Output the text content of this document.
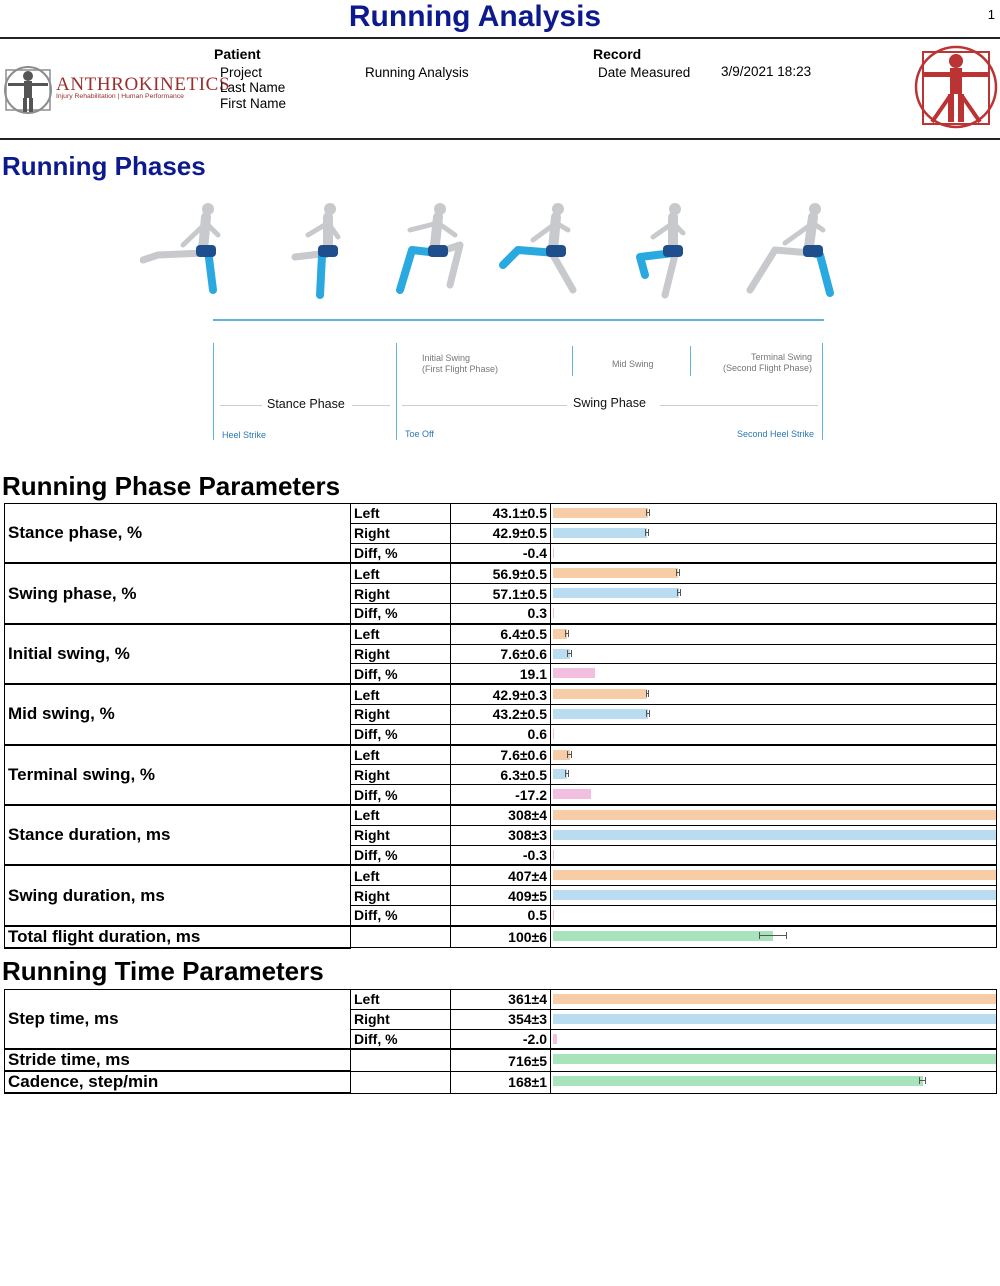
Running Analysis	1
ANTHROKINETICS
Injury Rehabilitation | Human Performance
Patient
Project
Last Name
First Name
Running Analysis
Record
Date Measured 3/9/2021 18:23
Running Phases
Initial Swing
(First Flight Phase)	Mid Swing
Terminal Swing
(Second Flight Phase)
Stance Phase	Swing Phase
Heel Strike	Toe Off	Second Heel Strike
Running Phase Parameters
Stance phase, %	Left	43.1±0.5	

	Right	42.9±0.5	

	Diff, %	-0.4	

Swing phase, %	Left	56.9±0.5	

	Right	57.1±0.5	

	Diff, %	0.3	

Initial swing, %	Left	6.4±0.5	

	Right	7.6±0.6	

	Diff, %	19.1	

Mid swing, %	Left	42.9±0.3	

	Right	43.2±0.5	

	Diff, %	0.6	

Terminal swing, %	Left	7.6±0.6	

	Right	6.3±0.5	

	Diff, %	-17.2	

Stance duration, ms	Left	308±4	

	Right	308±3	

	Diff, %	-0.3	

Swing duration, ms	Left	407±4	

	Right	409±5	

	Diff, %	0.5	

Total flight duration, ms		100±6	
Running Time Parameters
Step time, ms	Left	361±4	

	Right	354±3	

	Diff, %	-2.0	

Stride time, ms		716±5	

Cadence, step/min		168±1	
